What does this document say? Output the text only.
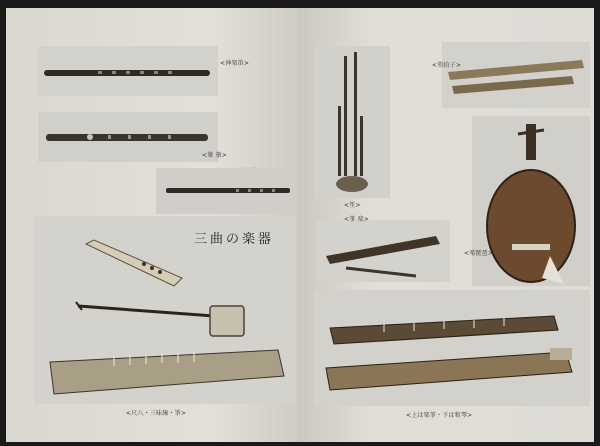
<神楽笛>
<篳 篥>
三曲の楽器
<尺八・三味線・箏>
<笙>
<笏拍子>
<楽琵琶>
<箏 楽>
<上は楽箏・下は和琴>
